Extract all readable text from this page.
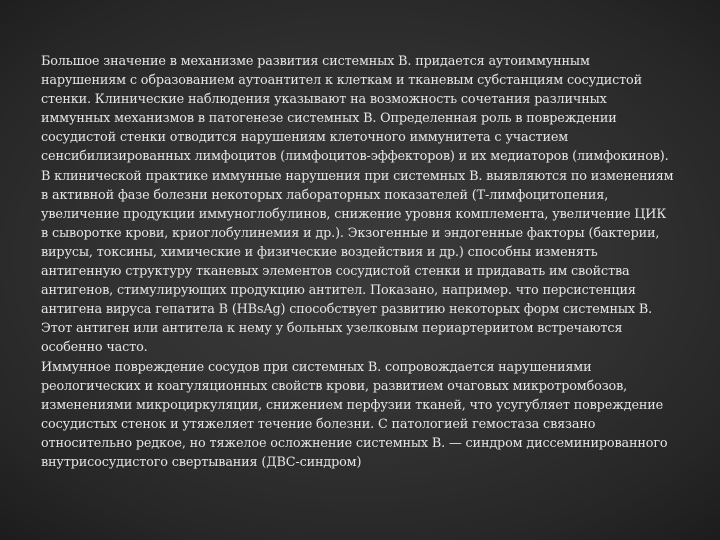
Большое значение в механизме развития системных В. придается аутоиммунным
нарушениям с образованием аутоантител к клеткам и тканевым субстанциям сосудистой
стенки. Клинические наблюдения указывают на возможность сочетания различных
иммунных механизмов в патогенезе системных В. Определенная роль в повреждении
сосудистой стенки отводится нарушениям клеточного иммунитета с участием
сенсибилизированных лимфоцитов (лимфоцитов-эффекторов) и их медиаторов (лимфокинов).
В клинической практике иммунные нарушения при системных В. выявляются по изменениям
в активной фазе болезни некоторых лабораторных показателей (Т-лимфоцитопения,
увеличение продукции иммуноглобулинов, снижение уровня комплемента, увеличение ЦИК
в сыворотке крови, криоглобулинемия и др.). Экзогенные и эндогенные факторы (бактерии,
вирусы, токсины, химические и физические воздействия и др.) способны изменять
антигенную структуру тканевых элементов сосудистой стенки и придавать им свойства
антигенов, стимулирующих продукцию антител. Показано, например. что персистенция
антигена вируса гепатита В (НВsAg) способствует развитию некоторых форм системных В.
Этот антиген или антитела к нему у больных узелковым периартериитом встречаются
особенно часто.
Иммунное повреждение сосудов при системных В. сопровождается нарушениями
реологических и коагуляционных свойств крови, развитием очаговых микротромбозов,
изменениями микроциркуляции, снижением перфузии тканей, что усугубляет повреждение
сосудистых стенок и утяжеляет течение болезни. С патологией гемостаза связано
относительно редкое, но тяжелое осложнение системных В. — синдром диссеминированного
внутрисосудистого свертывания (ДВС-синдром)
